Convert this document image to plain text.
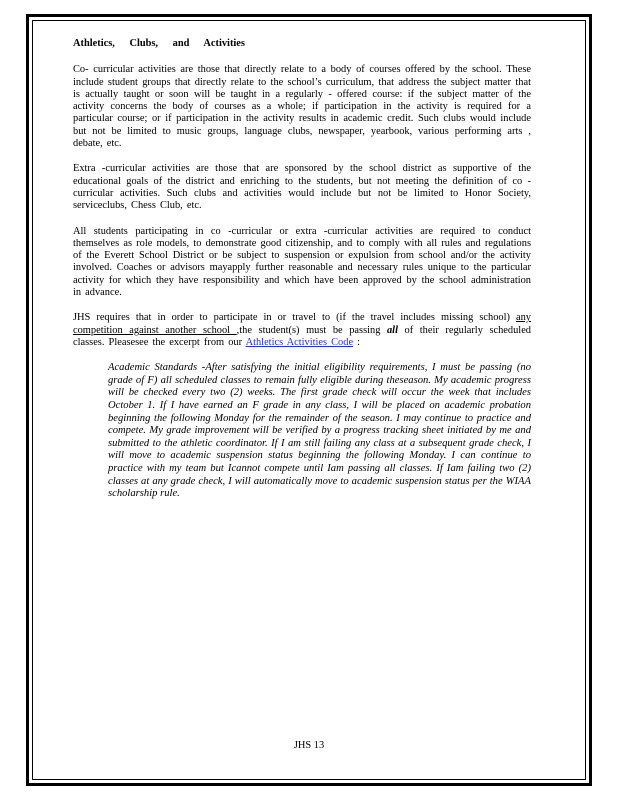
Athletics, Clubs, and Activities

Co- curricular activities are those that directly relate to a body of courses offered by the school. These include student groups that directly relate to the school’s curriculum, that address the subject matter that is actually taught or soon will be taught in a regularly - offered course: if the subject matter of the activity concerns the body of courses as a whole; if participation in the activity is required for a particular course; or if participation in the activity results in academic credit. Such clubs would include but not be limited to music groups, language clubs, newspaper, yearbook, various performing arts , debate, etc.

Extra -curricular activities are those that are sponsored by the school district as supportive of the educational goals of the district and enriching to the students, but not meeting the definition of co -curricular activities. Such clubs and activities would include but not be limited to Honor Society, serviceclubs, Chess Club, etc.

All students participating in co -curricular or extra -curricular activities are required to conduct themselves as role models, to demonstrate good citizenship, and to comply with all rules and regulations of the Everett School District or be subject to suspension or expulsion from school and/or the activity involved. Coaches or advisors mayapply further reasonable and necessary rules unique to the particular activity for which they have responsibility and which have been approved by the school administration in advance.

JHS requires that in order to participate in or travel to (if the travel includes missing school) any competition against another school ,the student(s) must be passing all of their regularly scheduled classes. Pleasesee the excerpt from our Athletics Activities Code :

Academic Standards -After satisfying the initial eligibility requirements, I must be passing (no grade of F) all scheduled classes to remain fully eligible during theseason. My academic progress will be checked every two (2) weeks. The first grade check will occur the week that includes October 1. If I have earned an F grade in any class, I will be placed on academic probation beginning the following Monday for the remainder of the season. I may continue to practice and compete. My grade improvement will be verified by a progress tracking sheet initiated by me and submitted to the athletic coordinator. If I am still failing any class at a subsequent grade check, I will move to academic suspension status beginning the following Monday. I can continue to practice with my team but Icannot compete until Iam passing all classes. If Iam failing two (2) classes at any grade check, I will automatically move to academic suspension status per the WIAA scholarship rule.

JHS 13
